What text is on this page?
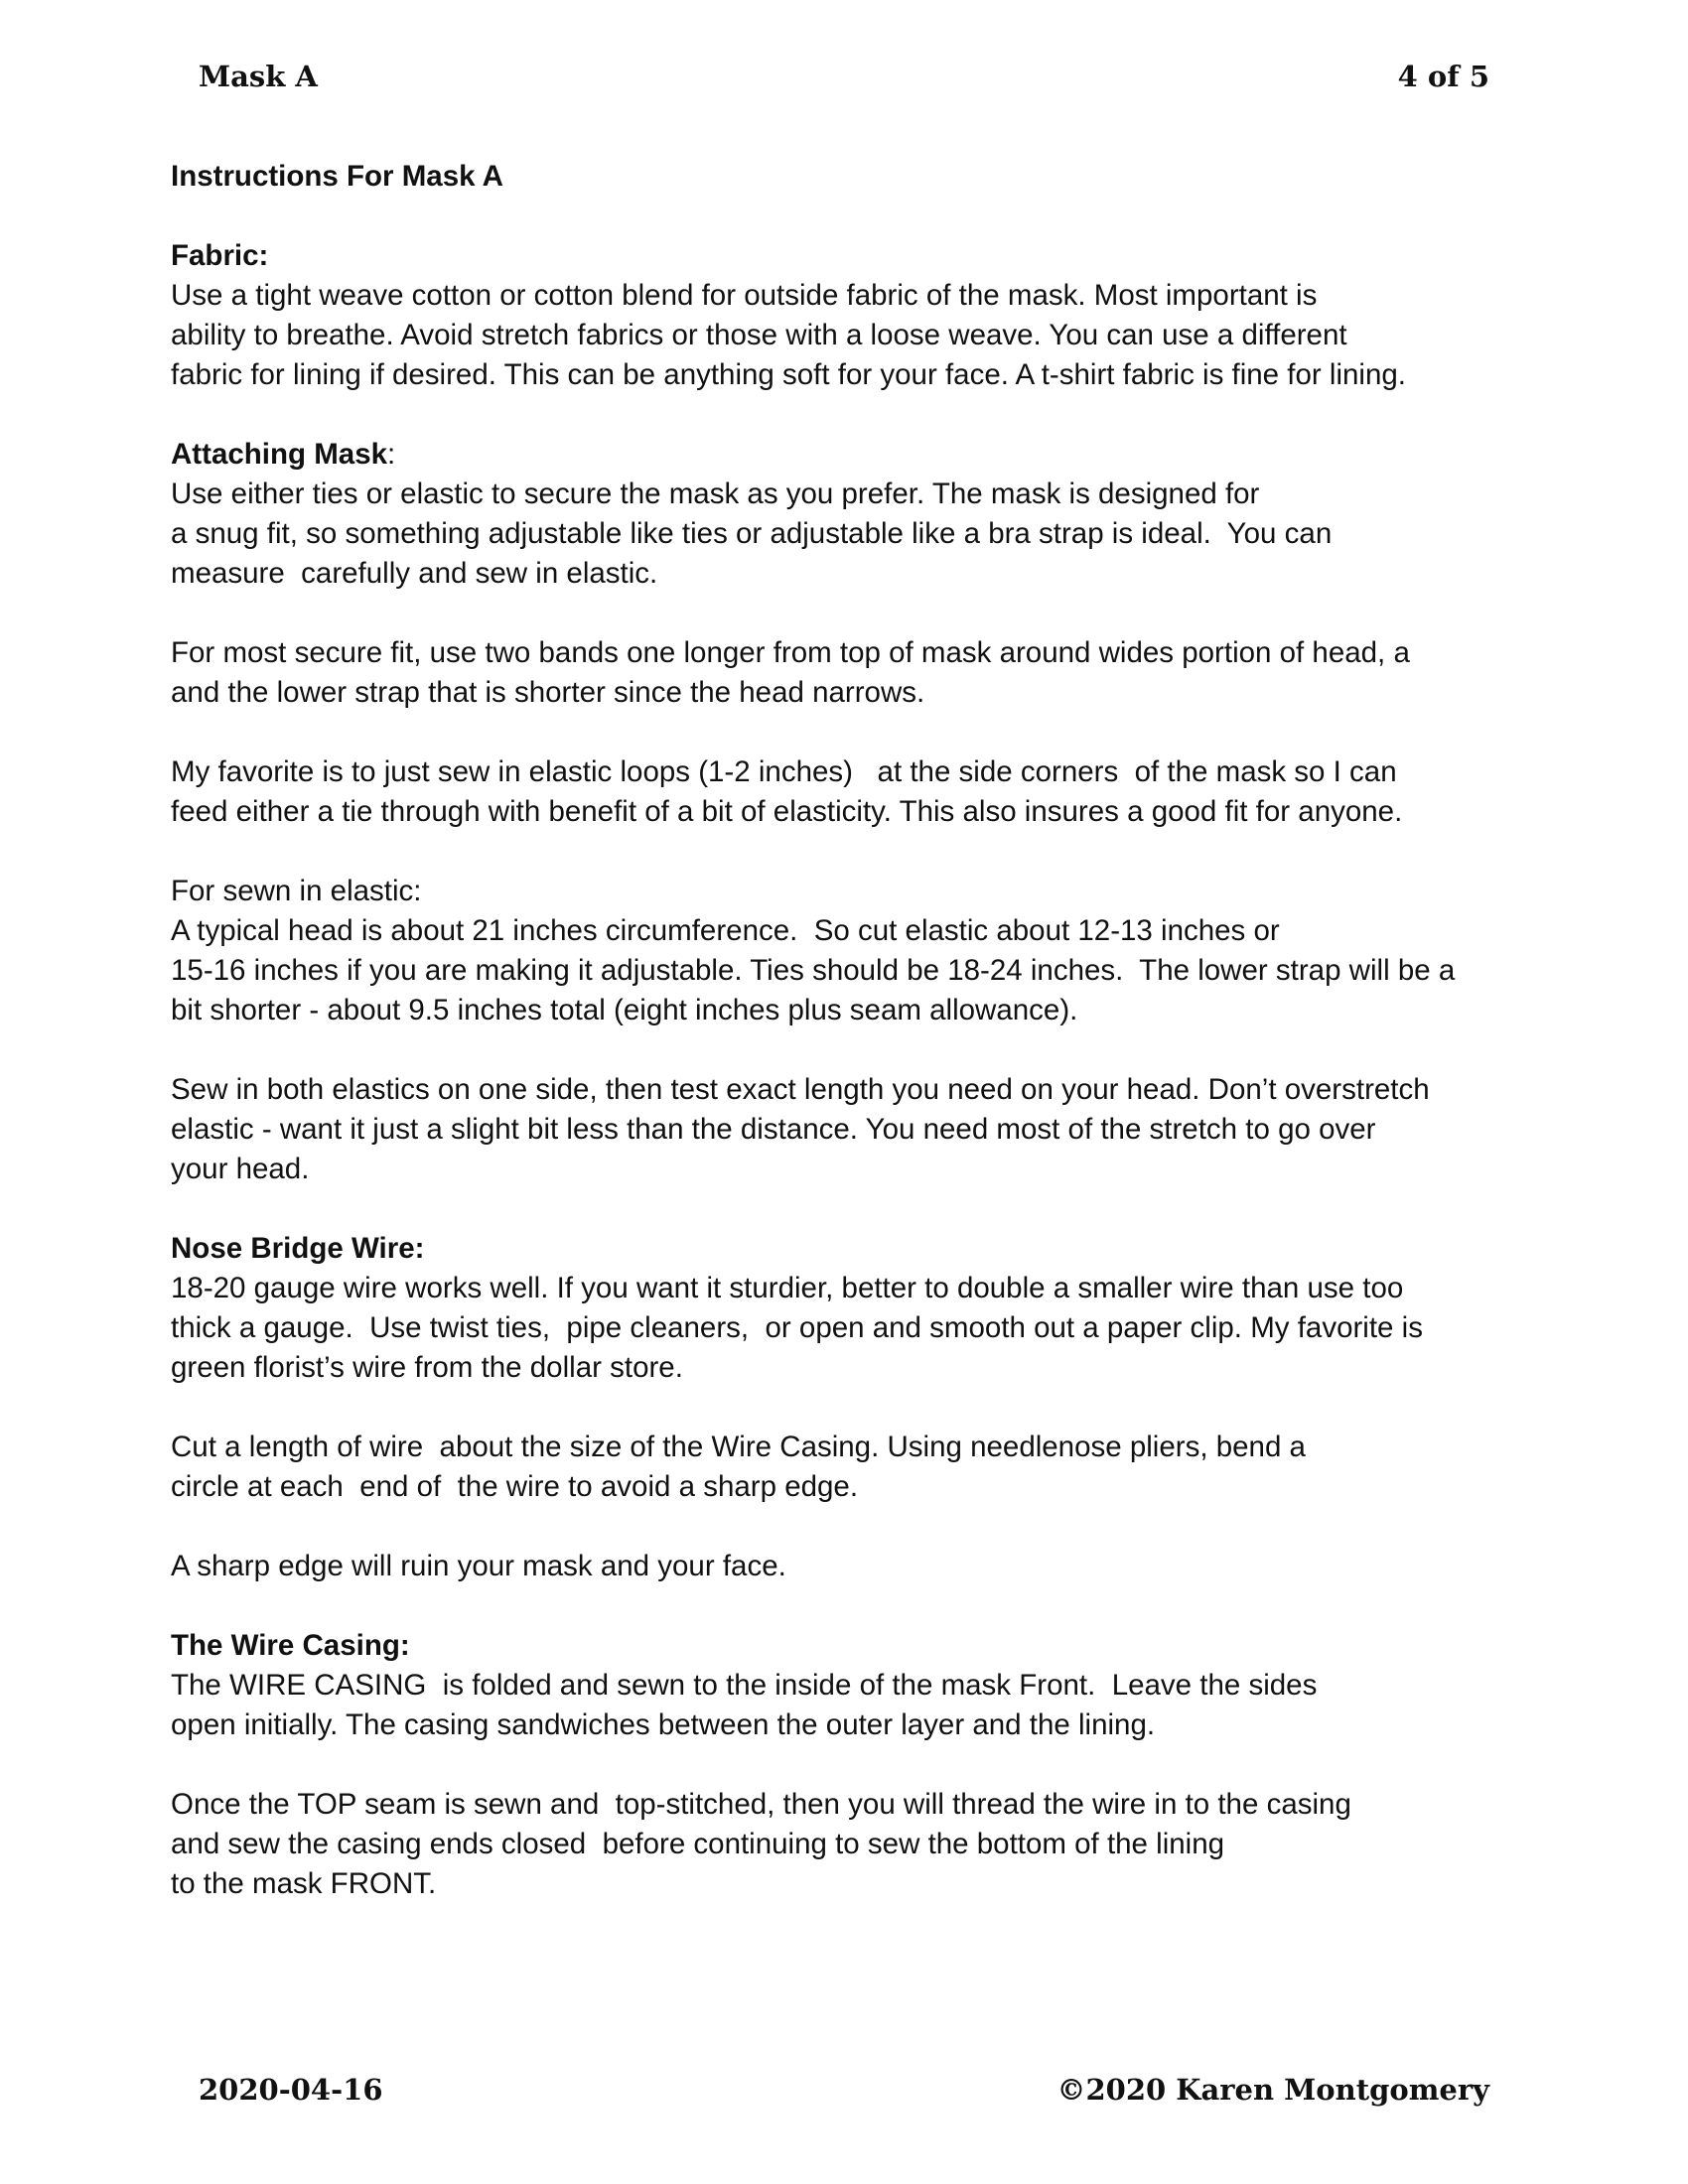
Mask A	4 of 5
Instructions For Mask A
Fabric:
Use a tight weave cotton or cotton blend for outside fabric of the mask. Most important is
ability to breathe. Avoid stretch fabrics or those with a loose weave. You can use a different
fabric for lining if desired. This can be anything soft for your face. A t-shirt fabric is fine for lining.
Attaching Mask:
Use either ties or elastic to secure the mask as you prefer. The mask is designed for
a snug fit, so something adjustable like ties or adjustable like a bra strap is ideal.  You can
measure  carefully and sew in elastic.
For most secure fit, use two bands one longer from top of mask around wides portion of head, a
and the lower strap that is shorter since the head narrows.
My favorite is to just sew in elastic loops (1-2 inches)   at the side corners  of the mask so I can
feed either a tie through with benefit of a bit of elasticity. This also insures a good fit for anyone.
For sewn in elastic:
A typical head is about 21 inches circumference.  So cut elastic about 12-13 inches or
15-16 inches if you are making it adjustable. Ties should be 18-24 inches.  The lower strap will be a
bit shorter - about 9.5 inches total (eight inches plus seam allowance).
Sew in both elastics on one side, then test exact length you need on your head. Don’t overstretch
elastic - want it just a slight bit less than the distance. You need most of the stretch to go over
your head.
Nose Bridge Wire:
18-20 gauge wire works well. If you want it sturdier, better to double a smaller wire than use too
thick a gauge.  Use twist ties,  pipe cleaners,  or open and smooth out a paper clip. My favorite is
green florist’s wire from the dollar store.
Cut a length of wire  about the size of the Wire Casing. Using needlenose pliers, bend a
circle at each  end of  the wire to avoid a sharp edge.
A sharp edge will ruin your mask and your face.
The Wire Casing:
The WIRE CASING  is folded and sewn to the inside of the mask Front.  Leave the sides
open initially. The casing sandwiches between the outer layer and the lining.
Once the TOP seam is sewn and  top-stitched, then you will thread the wire in to the casing
and sew the casing ends closed  before continuing to sew the bottom of the lining
to the mask FRONT.
2020-04-16	©2020 Karen Montgomery
